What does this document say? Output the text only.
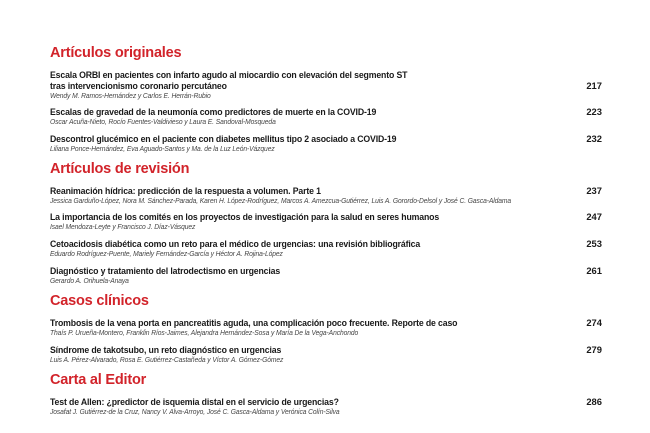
Artículos originales
Escala ORBI en pacientes con infarto agudo al miocardio con elevación del segmento ST
tras intervencionismo coronario percutáneo
Wendy M. Ramos-Hernández y Carlos E. Herrán-Rubio
217
Escalas de gravedad de la neumonía como predictores de muerte en la COVID-19
Oscar Acuña-Nieto, Rocío Fuentes-Valdivieso y Laura E. Sandoval-Mosqueda
223
Descontrol glucémico en el paciente con diabetes mellitus tipo 2 asociado a COVID-19
Liliana Ponce-Hernández, Eva Aguado-Santos y Ma. de la Luz León-Vázquez
232
Artículos de revisión
Reanimación hídrica: predicción de la respuesta a volumen. Parte 1
Jessica Garduño-López, Nora M. Sánchez-Parada, Karen H. López-Rodríguez, Marcos A. Amezcua-Gutiérrez, Luis A. Gorordo-Delsol y José C. Gasca-Aldama
237
La importancia de los comités en los proyectos de investigación para la salud en seres humanos
Isael Mendoza-Leyte y Francisco J. Díaz-Vásquez
247
Cetoacidosis diabética como un reto para el médico de urgencias: una revisión bibliográfica
Eduardo Rodríguez-Puente, Mariely Fernández-García y Héctor A. Rojina-López
253
Diagnóstico y tratamiento del latrodectismo en urgencias
Gerardo A. Orihuela-Anaya
261
Casos clínicos
Trombosis de la vena porta en pancreatitis aguda, una complicación poco frecuente. Reporte de caso
Thaís P. Urueña-Montero, Franklin Ríos-Jaimes, Alejandra Hernández-Sosa y María De la Vega-Anchondo
274
Síndrome de takotsubo, un reto diagnóstico en urgencias
Luis A. Pérez-Alvarado, Rosa E. Gutiérrez-Castañeda y Víctor A. Gómez-Gómez
279
Carta al Editor
Test de Allen: ¿predictor de isquemia distal en el servicio de urgencias?
Josafat J. Gutiérrez-de la Cruz, Nancy V. Alva-Arroyo, José C. Gasca-Aldama y Verónica Colín-Silva
286
